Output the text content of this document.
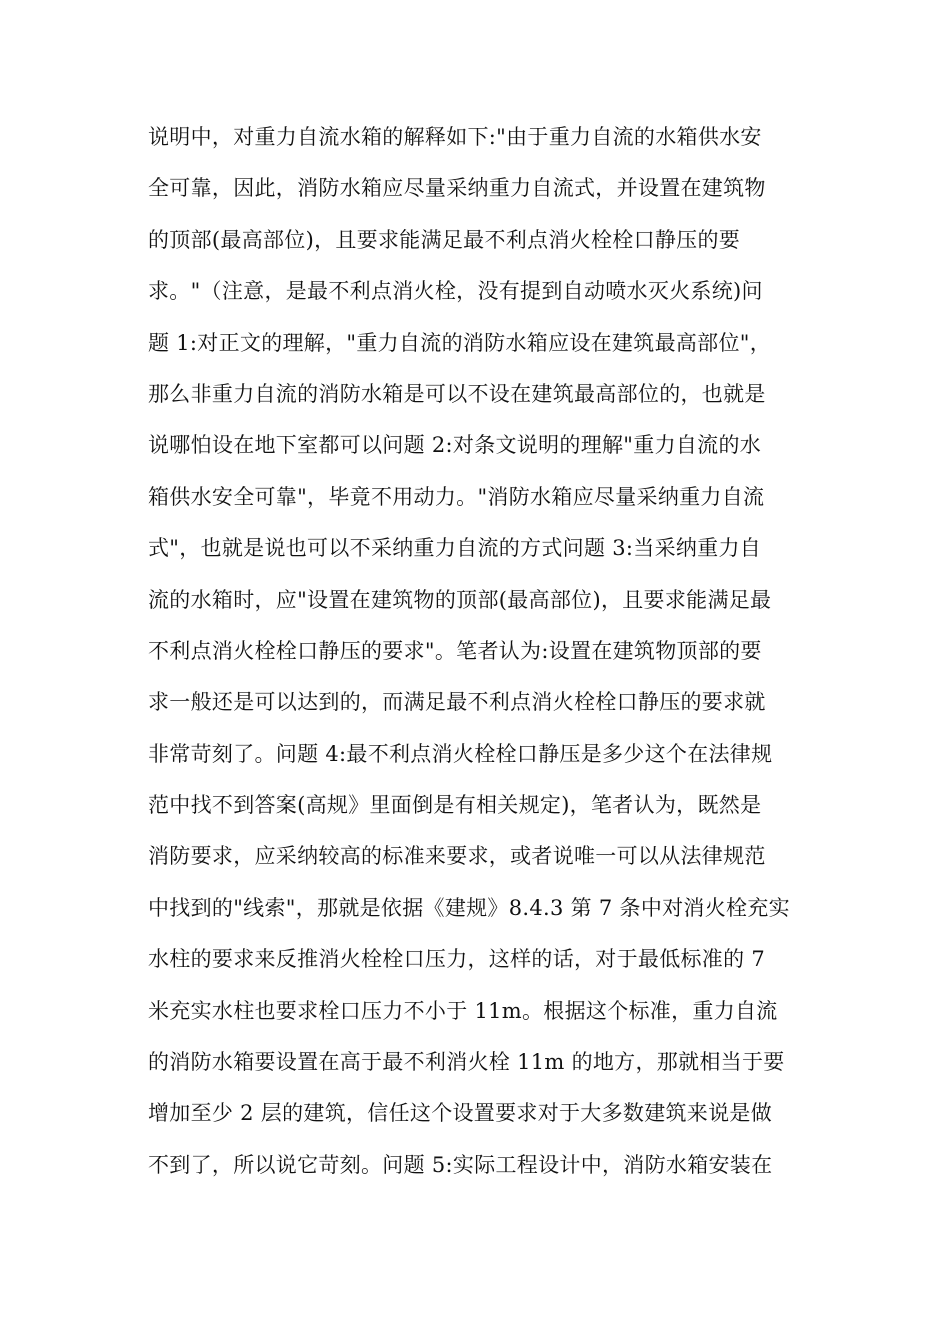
说明中，对重力自流水箱的解释如下:"由于重力自流的水箱供水安
全可靠，因此，消防水箱应尽量采纳重力自流式，并设置在建筑物
的顶部(最高部位)，且要求能满足最不利点消火栓栓口静压的要
求。"（注意，是最不利点消火栓，没有提到自动喷水灭火系统)问
题 1:对正文的理解，"重力自流的消防水箱应设在建筑最高部位"，
那么非重力自流的消防水箱是可以不设在建筑最高部位的，也就是
说哪怕设在地下室都可以问题 2:对条文说明的理解"重力自流的水
箱供水安全可靠"，毕竟不用动力。"消防水箱应尽量采纳重力自流
式"，也就是说也可以不采纳重力自流的方式问题 3:当采纳重力自
流的水箱时，应"设置在建筑物的顶部(最高部位)，且要求能满足最
不利点消火栓栓口静压的要求"。笔者认为:设置在建筑物顶部的要
求一般还是可以达到的，而满足最不利点消火栓栓口静压的要求就
非常苛刻了。问题 4:最不利点消火栓栓口静压是多少这个在法律规
范中找不到答案(高规》里面倒是有相关规定)，笔者认为，既然是
消防要求，应采纳较高的标准来要求，或者说唯一可以从法律规范
中找到的"线索"，那就是依据《建规》8.4.3 第 7 条中对消火栓充实
水柱的要求来反推消火栓栓口压力，这样的话，对于最低标准的 7
米充实水柱也要求栓口压力不小于 11m。根据这个标准，重力自流
的消防水箱要设置在高于最不利消火栓 11m 的地方，那就相当于要
增加至少 2 层的建筑，信任这个设置要求对于大多数建筑来说是做
不到了，所以说它苛刻。问题 5:实际工程设计中，消防水箱安装在
